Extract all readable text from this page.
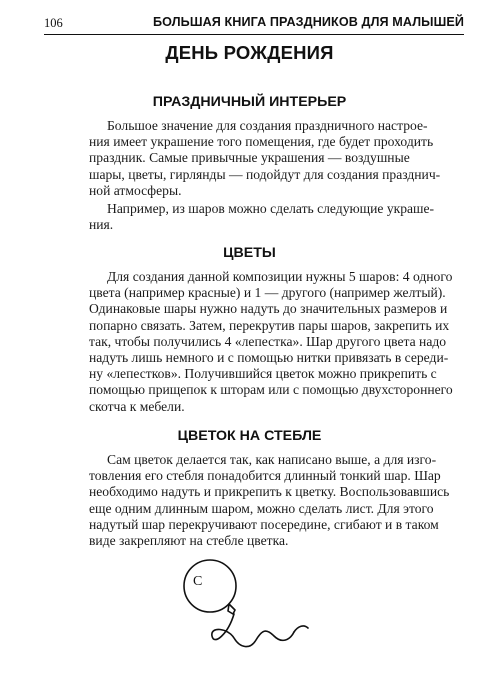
106	БОЛЬШАЯ КНИГА ПРАЗДНИКОВ ДЛЯ МАЛЫШЕЙ
ДЕНЬ РОЖДЕНИЯ
ПРАЗДНИЧНЫЙ ИНТЕРЬЕР

Большое значение для создания праздничного настрое-
ния имеет украшение того помещения, где будет проходить
праздник. Самые привычные украшения — воздушные
шары, цветы, гирлянды — подойдут для создания празднич-
ной атмосферы.

Например, из шаров можно сделать следующие украше-
ния.

ЦВЕТЫ

Для создания данной композиции нужны 5 шаров: 4 одного
цвета (например красные) и 1 — другого (например желтый).
Одинаковые шары нужно надуть до значительных размеров и
попарно связать. Затем, перекрутив пары шаров, закрепить их
так, чтобы получились 4 «лепестка». Шар другого цвета надо
надуть лишь немного и с помощью нитки привязать в середи-
ну «лепестков». Получившийся цветок можно прикрепить с
помощью прищепок к шторам или с помощью двухстороннего
скотча к мебели.

ЦВЕТОК НА СТЕБЛЕ

Сам цветок делается так, как написано выше, а для изго-
товления его стебля понадобится длинный тонкий шар. Шар
необходимо надуть и прикрепить к цветку. Воспользовавшись
еще одним длинным шаром, можно сделать лист. Для этого
надутый шар перекручивают посередине, сгибают и в таком
виде закрепляют на стебле цветка.

C
